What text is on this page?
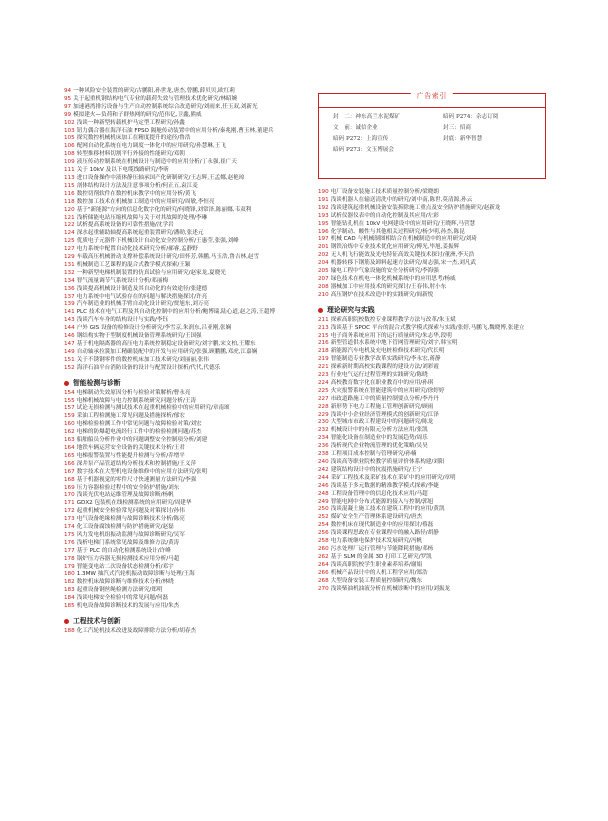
94 一种风险安全装置的研究/古鹏阳,孙世龙,唐杰,曾鹏,薛贝贝,欧红莉
95 关于起重机钢结构电气专业的载荷失效与管理技术优化研究/林昭婉
97 加速港湾排污设备与生产自动控制系统综合改造研究/刘雨来,任玉双,刘新光
99 模拟建火—负荷和子群热网的研究/范伟亿,卫鑫,熊威
102 浅谈一种新型转载机护马定型工程研究/孙鑫
103 钮力偶合器在海洋石油 FPSO 隔舱传动装置中的应用分析/秦兆刚,曹玉林,董建兵
105 探究数控机械机床加工在精度提升的途径/鲁浩
106 配网自动化系统在电力调度一体化中的应用研究/孙慧琳,王飞
108 转型推移材料切割平行外接的性能研究/邓朝
109 液压传动控制系统在机械设计与制造中的应用分析/丁永强,崔广天
111 关于 10kV 及以下电缆线路研究/李昕
113 进口设备操作中液体静压轴承国产化研制研究/王志辉,王孟娜,赵艳琼
115 剖体结构设计方法及注意事项分析/何正五,袁江麦
116 数控切削软件在数控机床教学中的应用分析/黄飞
118 数控加工技术在机械加工制造中的应用研究/周敏,李恒亮
120 基于"新能源"方向的信息化数字化的研究/何晓锋,刘常泽,陈丽娜,韦双利
121 浅析储能电站压缩机故障与关于对其故障的处理/李琳
122 试析提高系统设备的可靠性措施/沈学岩
124 深水起重辅助轴提高系统起重装置研究/潘勋,张述元
125 优质电子元器件下机械设计自动化安全控制分析/王惠莹,张强,刘峰
127 电力系统中配置自动化技术研究分析/郝睿,孟静野
129 车载高压机械滑动支撑补偿系统设计研究/田怀芳,韩鹏,马玉浩,鲁吉林,赵雪
131 机械制造工艺课程的混合式教学模式探索/王颖
132 一种新型电梯机制装置的仿真试验与应用研究/赵家龙,夏晓光
134 智气流量调节气系统设计分析/邓丽梅
136 浅谈提高机械设计制造及其自动化的有效途径/张建德
137 电力系统中电气试验存在的问题与解决措施探讨/许亮
139 汽车制造业的机械手臂自动化设计研究/贾旭东,刘万亮
141 PLC 技术在电气工程及其自动化控制中的应用分析/鲍博瑞,陆心道,赵之涛,王超博
143 浅谈汽车车身的结构设计与实践/李钰
144 户外 GIS 设备的检修设计分析研究/李雪京,朱润东,吕亚刚,张娴
146 钢结构实物于型制度机械设备管理系统研究/王国强
147 基于机电隔离器的高压电力系统控制稳定设备研究/刘宇鹏,宋文柏,王耀东
149 自动轴承拉簧加工精确装配中的开发与应用研究/张强,顾鹏鹏,邓虎,江嘉娴
151 关于不锈钢零件的数控机床加工技术研究/刘丽丽,张伟
152 海洋石油平台消防设备的设计与配置设计探析/代代,代德乐
智能检测与诊断
154 电梯制动失效原因分析与检验对策解析/曹永亮
155 电梯机械故障与电力控制系统研究问题分析/王涛
157 试论无损检测与测试技术在起重机械检验中的应用研究/章南颂
159 采油工程检测施工常见问题及措施探析/郁宏
160 电梯检验检测工作中常见问题与故障检验对策/刘宏
162 电梯的防爆超电流经行工件中的检验检测问题/苏杰
163 船舶船员分析作业中的问题调整安全控制项分析/刘建
164 地铁车辆运营安全设备的关键技术分析/王君
165 电梯报警装置与性能提升检测与分析/乔增平
166 深井泵产品管道结构分析技术和控制措施/王义萍
167 数字技术在大型机电设备维修中的应用方法研究/张明
168 基于机器视觉的零件尺寸快速测量方法研究/李强
169 压力容器检验过程中的安全防护措施/刘东
170 浅谈光伏电站运维管理及故障诊断/杨帆
171 GDX2 包装机在线检测系统的应用研究/周建华
172 起重机械安全检验常见问题及对策探讨/孙伟
173 电气设备绝缘检测与故障诊断技术分析/陈亮
174 化工设备腐蚀检测与防护措施研究/赵磊
175 风力发电机组振动监测与故障诊断研究/吴军
176 浅析电梯门系统常见故障及维修方法/黄涛
177 基于 PLC 的自动化检测系统设计/许峰
178 锅炉压力容器无损检测技术应用分析/马超
179 智能变电站二次设备状态检测分析/邓宇
180 1.3MW 抽汽式汽轮机振动故障诊断与处理/王海
182 数控机床故障诊断与维修技术分析/林晓
183 起重设备钢丝绳检测方法研究/郑明
184 浅谈电梯安全检验中的常见问题/何磊
185 机电设备故障诊断技术的发展与应用/朱杰
工程技术与创新
188 化工汽轮机技术改进及故障排除方法分析/胡春杰
广告索引
封　二：神东高兰水泥煤矿	暗码 P274：杂志订阅
文　前：诚信企业	封三：招商
暗码 P272：上海宣传	封底：新华智慧
暗码 P273：文玉博展会
190 电厂设备安装施工技术质量控制分析/梁晓朗
191 浅谈机器人在输送清洗中的研究/刘中南,陈世,莫清源,孙云
192 浅谈建筑起重机械设备安装拆除施工重点及安全防护措施研究/赵新龙
193 试析仪器仪表中的自动化控制及其应用/左彩
195 智能钻孔机在 10kV 电网建设中的应用研究/王晓辉,马营慧
196 化学制动、酸性与其他相关过程研究/杨少明,孙杰,陈昆
197 机械 CAD 与机械制图相结合在机械制造中的应用研究/刘琦
201 钢铁冶炼中专业技术优化应用研究/傅光,毕旭,姜振辉
202 无人机飞行能效及光电特征高效关键技术探讨/董洲,李天浩
204 机器转移下钢筋及卸料起速方法研究/周志强,宋一杰,刘凡武
205 输电工程中气象设施的安全分析研究/李海强
207 绿色技术在机电一体化机械系统中的应用思考/杨威
208 器械加工中应用技术的研究探讨/王春伟,肘小东
210 高压钢炉在技术改造中的实践研究/阎新悦
理论研究与实践
211 探索高职院校数控专业课程教学方法与改革/朱玉斌
213 浅谈基于 SPOC 平台的混合式教学模式探索与实践/张婷,马鹏飞,魏晓博,张建立
215 电子商务系统应用下的运行质量研究/朱志华,段明
216 新型管道供水系统中地下管网管理研究/刘宇,韩宝明
218 新能源汽车电机及充电桩检修技术研究/代长明
219 智能制造专业教学改革实践研究/李永宏,蒋静
221 探索新时期高校实践课程的建设方法/刘彩霞
223 行业电气运行过程管理的实践研究/陈晓
224 高校教育数字化在职业教育中的应用/孙琪
225 火灾报警系统在智能建筑中的应用研究/徐婷婷
227 市政道路施工中的质量控制要点分析/李丹丹
228 新形势下电力工程施工管理创新研究/顾雨
229 浅谈中小企业经济管理模式的创新研究/江泽
230 大型城市市政工程建设中的问题研究/陈龙
232 机械设计中的有限元分析方法应用/张凯
234 智能化设备在制造业中的发展趋势/周乐
236 浅析现代企业物流管理的优化策略/吴昊
238 工程项目成本控制与管理研究/孙楠
240 浅谈高等职业院校教学质量评价体系构建/刘阳
242 建筑结构设计中的抗震措施研究/王宁
244 采矿工程技术及采矿技术在采矿中的应用研究/章明
246 浅谈基于多元数据的精准教学模式探索/李婕
248 工程设备管理中的信息化技术应用/马超
249 智能电网中分布式能源的接入与控制/郭旭
250 浅谈混凝土施工技术在建筑工程中的应用/黄凯
252 煤矿安全生产管理体系建设研究/唐杰
254 数控机床在现代制造业中的应用探讨/蔡磊
256 浅谈课程思政在专业课程中的融入路径/胡静
258 电力系统继电保护技术发展研究/冯帆
260 污水处理厂运行管理与节能降耗措施/邓杨
262 基于 SLM 的金属 3D 打印工艺研究/罗凯
264 浅谈高职院校学生职业素养培养/谢娟
266 机械产品设计中的人机工程学应用/郑浩
268 大型设备安装工程质量控制研究/魏东
270 浅谈柴油机油液分析在机械诊断中的应用/刘振龙
